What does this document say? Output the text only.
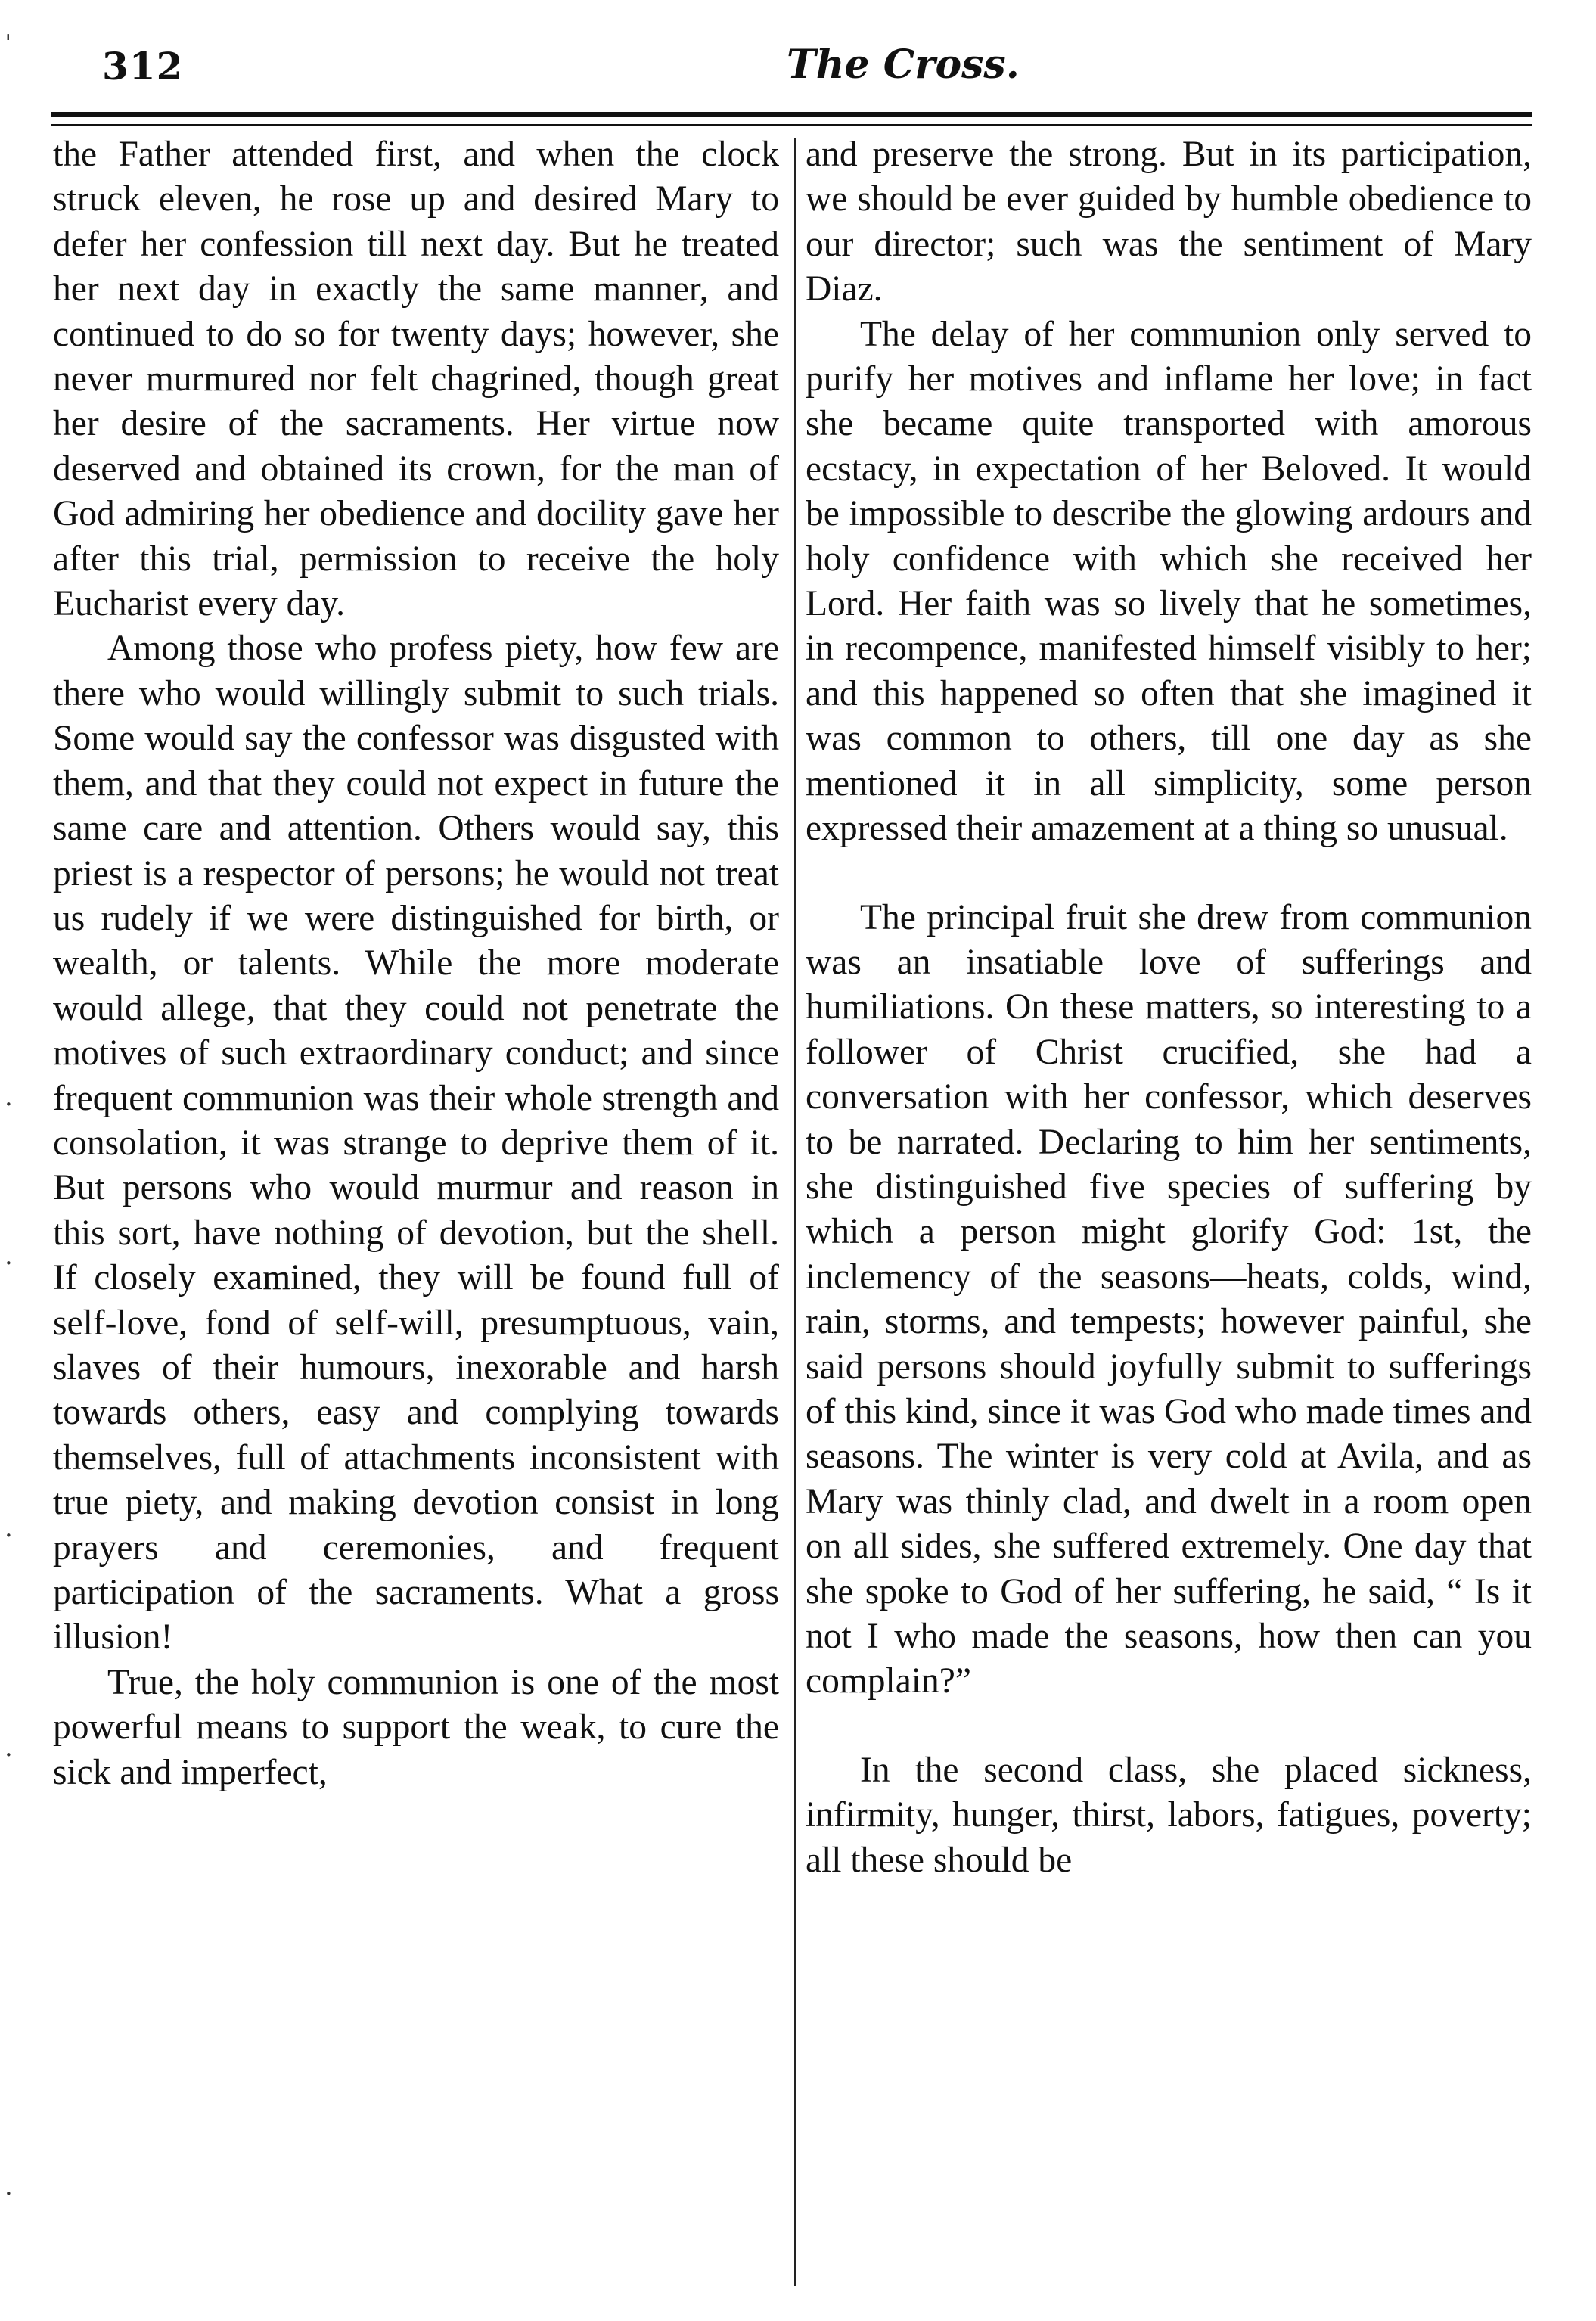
ˈ
·
·
·
·
·
312	The Cross.

the Father attended first, and when the clock struck eleven, he rose up and desired Mary to defer her confession till next day. But he treated her next day in exactly the same manner, and continued to do so for twenty days; however, she never murmured nor felt chagrined, though great her desire of the sacraments. Her virtue now deserved and obtained its crown, for the man of God admiring her obedience and docility gave her after this trial, permission to receive the holy Eucharist every day.

Among those who profess piety, how few are there who would willingly submit to such trials. Some would say the confessor was disgusted with them, and that they could not expect in future the same care and attention. Others would say, this priest is a respector of persons; he would not treat us rudely if we were distinguished for birth, or wealth, or talents. While the more moderate would allege, that they could not penetrate the motives of such extraordinary conduct; and since frequent communion was their whole strength and consolation, it was strange to deprive them of it. But persons who would murmur and reason in this sort, have nothing of devotion, but the shell. If closely examined, they will be found full of self-love, fond of self-will, presumptuous, vain, slaves of their humours, inexorable and harsh towards others, easy and complying towards themselves, full of attachments inconsistent with true piety, and making devotion consist in long prayers and ceremonies, and frequent participation of the sacraments. What a gross illusion!

True, the holy communion is one of the most powerful means to support the weak, to cure the sick and imperfect,

and preserve the strong. But in its participation, we should be ever guided by humble obedience to our director; such was the sentiment of Mary Diaz.

The delay of her communion only served to purify her motives and inflame her love; in fact she became quite transported with amorous ecstacy, in expectation of her Beloved. It would be impossible to describe the glowing ardours and holy confidence with which she received her Lord. Her faith was so lively that he sometimes, in recompence, manifested himself visibly to her; and this happened so often that she imagined it was common to others, till one day as she mentioned it in all simplicity, some person expressed their amazement at a thing so unusual.

The principal fruit she drew from communion was an insatiable love of sufferings and humiliations. On these matters, so interesting to a follower of Christ crucified, she had a conversation with her confessor, which deserves to be narrated. Declaring to him her sentiments, she distinguished five species of suffering by which a person might glorify God: 1st, the inclemency of the seasons—heats, colds, wind, rain, storms, and tempests; however painful, she said persons should joyfully submit to sufferings of this kind, since it was God who made times and seasons. The winter is very cold at Avila, and as Mary was thinly clad, and dwelt in a room open on all sides, she suffered extremely. One day that she spoke to God of her suffering, he said, “ Is it not I who made the seasons, how then can you complain?”

In the second class, she placed sickness, infirmity, hunger, thirst, labors, fatigues, poverty; all these should be
